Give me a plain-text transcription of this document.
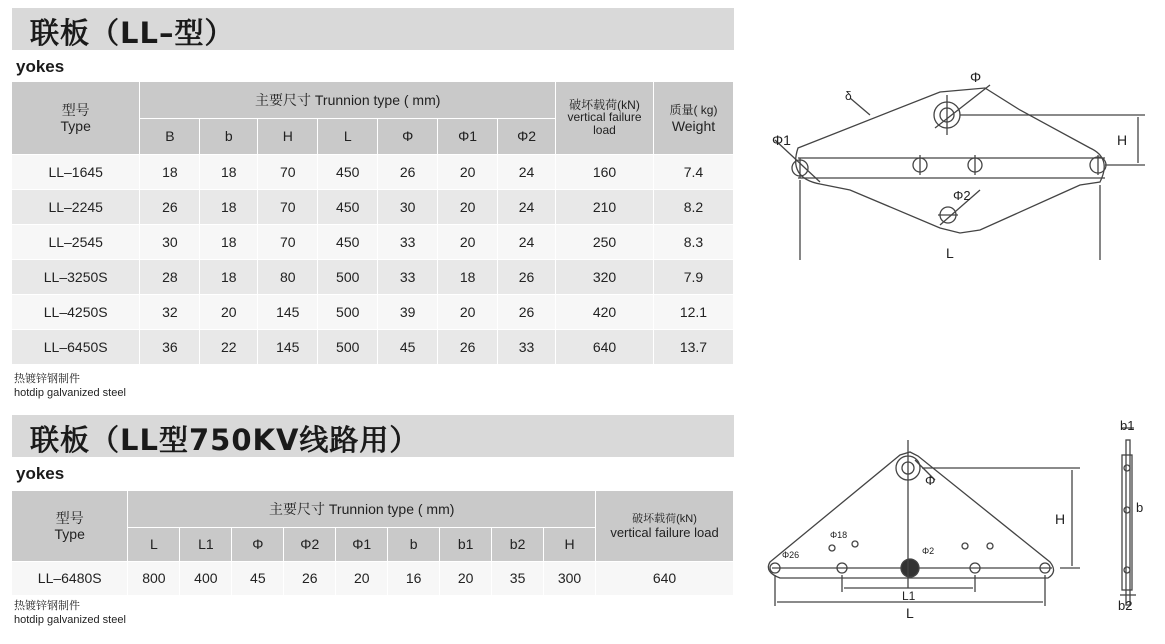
联板（LL–型）
yokes
型号
Type	主要尺寸 Trunnion type ( mm)							破坏载荷(kN)
vertical failure load	质量( kg)
Weight
	B	b	H	L	Φ	Φ1	Φ2		
LL–1645	18	18	70	450	26	20	24	160	7.4
LL–2245	26	18	70	450	30	20	24	210	8.2
LL–2545	30	18	70	450	33	20	24	250	8.3
LL–3250S	28	18	80	500	33	18	26	320	7.9
LL–4250S	32	20	145	500	39	20	26	420	12.1
LL–6450S	36	22	145	500	45	26	33	640	13.7
热镀锌钢制件
hotdip galvanized steel
δ
Φ
Φ1
Φ2
H
L
联板（LL型750KV线路用）
yokes
型号
Type	主要尺寸 Trunnion type ( mm)									破坏载荷(kN)
vertical failure load
	L	L1	Φ	Φ2	Φ1	b	b1	b2	H	
LL–6480S	800	400	45	26	20	16	20	35	300	640
热镀锌钢制件
hotdip galvanized steel
Φ
Φ26
Φ18
Φ2
H
L1
L
b1
b
b2
